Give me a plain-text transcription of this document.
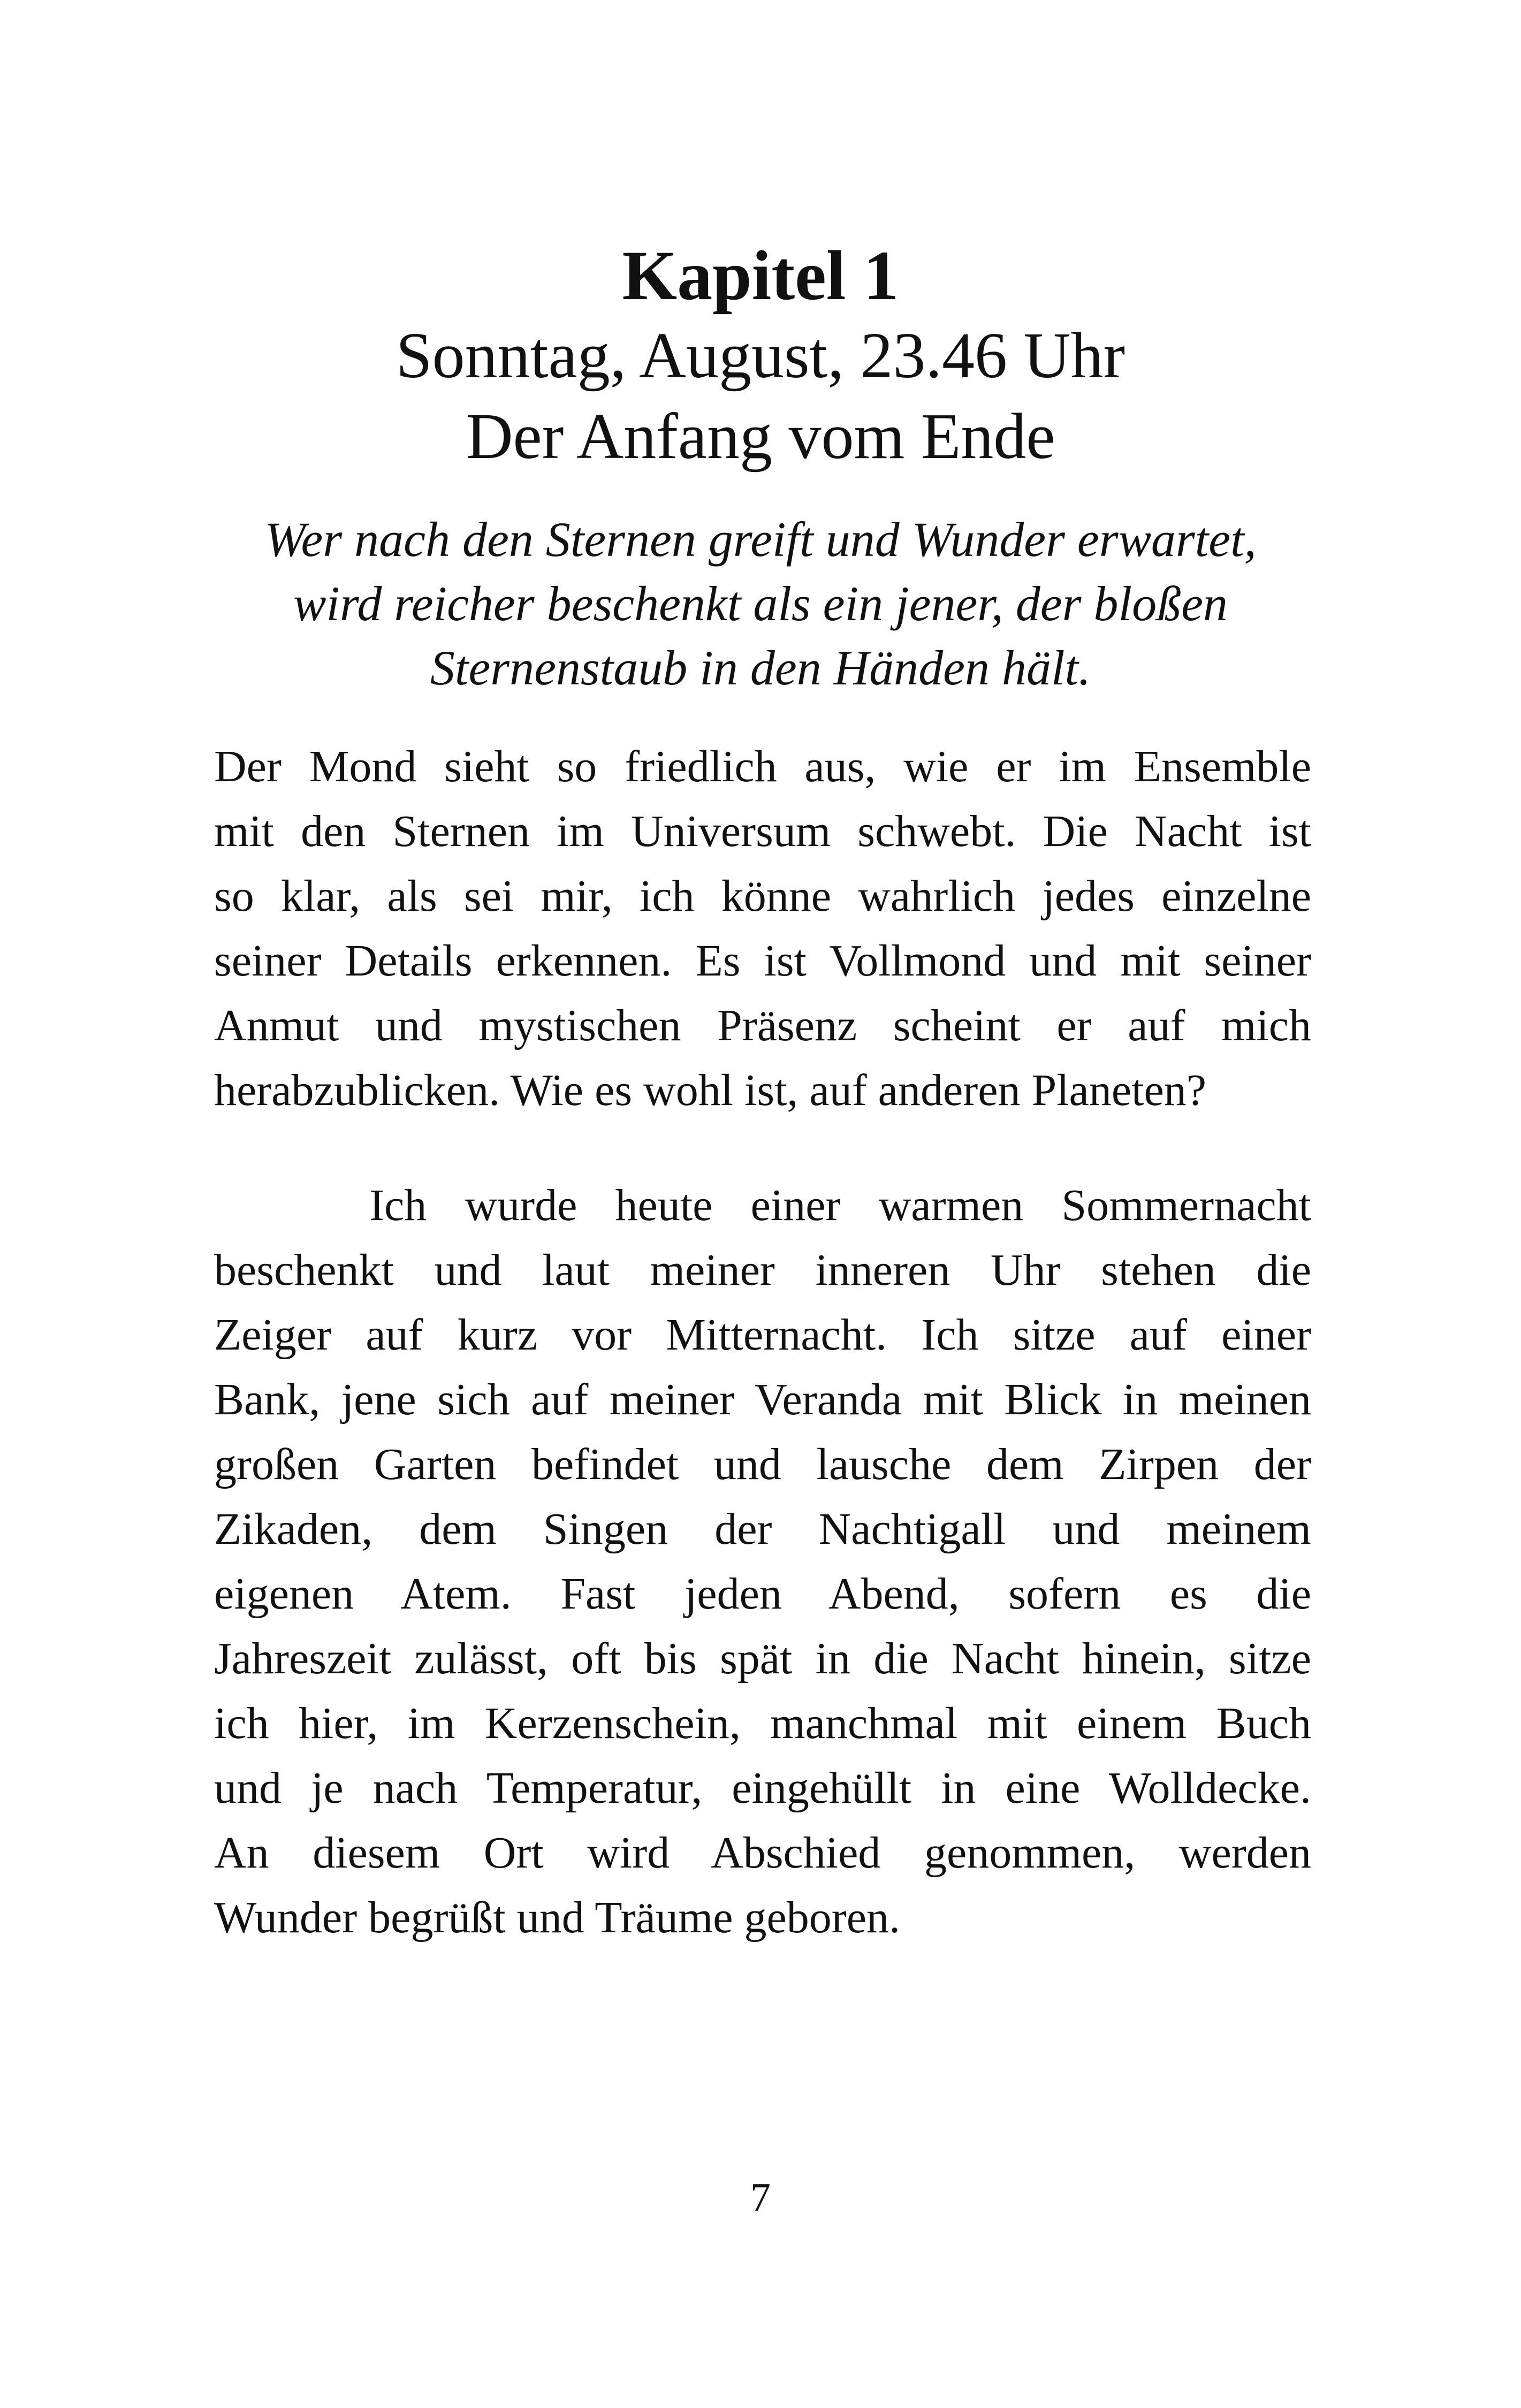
Kapitel 1
Sonntag, August, 23.46 Uhr
Der Anfang vom Ende
Wer nach den Sternen greift und Wunder erwartet,
wird reicher beschenkt als ein jener, der bloßen
Sternenstaub in den Händen hält.
Der Mond sieht so friedlich aus, wie er im Ensemble
mit den Sternen im Universum schwebt. Die Nacht ist
so klar, als sei mir, ich könne wahrlich jedes einzelne
seiner Details erkennen. Es ist Vollmond und mit seiner
Anmut und mystischen Präsenz scheint er auf mich
herabzublicken. Wie es wohl ist, auf anderen Planeten?
Ich wurde heute einer warmen Sommernacht
beschenkt und laut meiner inneren Uhr stehen die
Zeiger auf kurz vor Mitternacht. Ich sitze auf einer
Bank, jene sich auf meiner Veranda mit Blick in meinen
großen Garten befindet und lausche dem Zirpen der
Zikaden, dem Singen der Nachtigall und meinem
eigenen Atem. Fast jeden Abend, sofern es die
Jahreszeit zulässt, oft bis spät in die Nacht hinein, sitze
ich hier, im Kerzenschein, manchmal mit einem Buch
und je nach Temperatur, eingehüllt in eine Wolldecke.
An diesem Ort wird Abschied genommen, werden
Wunder begrüßt und Träume geboren.
7
